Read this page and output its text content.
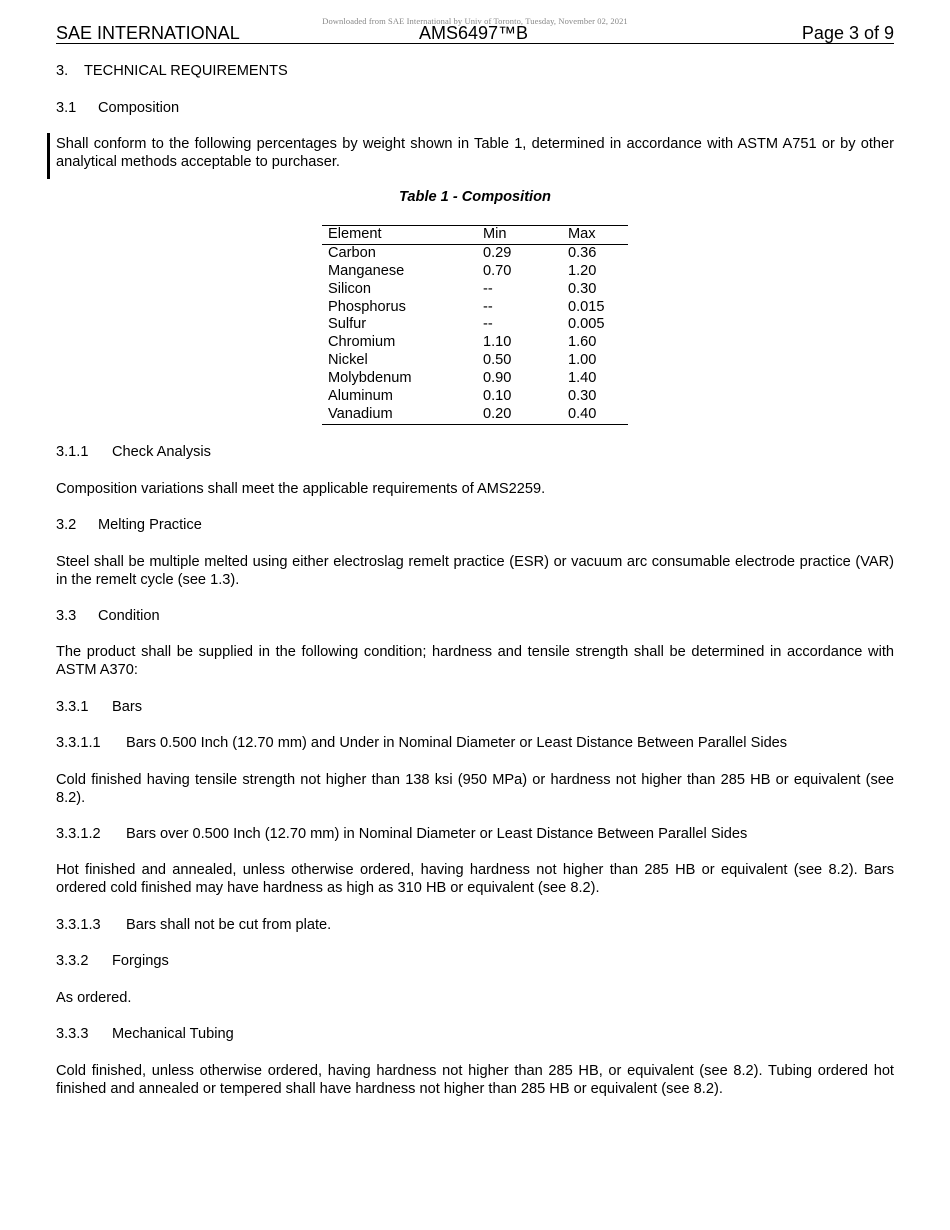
Downloaded from SAE International by Univ of Toronto, Tuesday, November 02, 2021
SAE INTERNATIONAL	AMS6497™B	Page 3 of 9
3. TECHNICAL REQUIREMENTS
3.1 Composition
Shall conform to the following percentages by weight shown in Table 1, determined in accordance with ASTM A751 or by other analytical methods acceptable to purchaser.
Table 1 - Composition
Element	Min	Max
Carbon	0.29	0.36
Manganese	0.70	1.20
Silicon	--	0.30
Phosphorus	--	0.015
Sulfur	--	0.005
Chromium	1.10	1.60
Nickel	0.50	1.00
Molybdenum	0.90	1.40
Aluminum	0.10	0.30
Vanadium	0.20	0.40
3.1.1 Check Analysis
Composition variations shall meet the applicable requirements of AMS2259.
3.2 Melting Practice
Steel shall be multiple melted using either electroslag remelt practice (ESR) or vacuum arc consumable electrode practice (VAR) in the remelt cycle (see 1.3).
3.3 Condition
The product shall be supplied in the following condition; hardness and tensile strength shall be determined in accordance with ASTM A370:
3.3.1 Bars
3.3.1.1 Bars 0.500 Inch (12.70 mm) and Under in Nominal Diameter or Least Distance Between Parallel Sides
Cold finished having tensile strength not higher than 138 ksi (950 MPa) or hardness not higher than 285 HB or equivalent (see 8.2).
3.3.1.2 Bars over 0.500 Inch (12.70 mm) in Nominal Diameter or Least Distance Between Parallel Sides
Hot finished and annealed, unless otherwise ordered, having hardness not higher than 285 HB or equivalent (see 8.2). Bars ordered cold finished may have hardness as high as 310 HB or equivalent (see 8.2).
3.3.1.3 Bars shall not be cut from plate.
3.3.2 Forgings
As ordered.
3.3.3 Mechanical Tubing
Cold finished, unless otherwise ordered, having hardness not higher than 285 HB, or equivalent (see 8.2). Tubing ordered hot finished and annealed or tempered shall have hardness not higher than 285 HB or equivalent (see 8.2).
